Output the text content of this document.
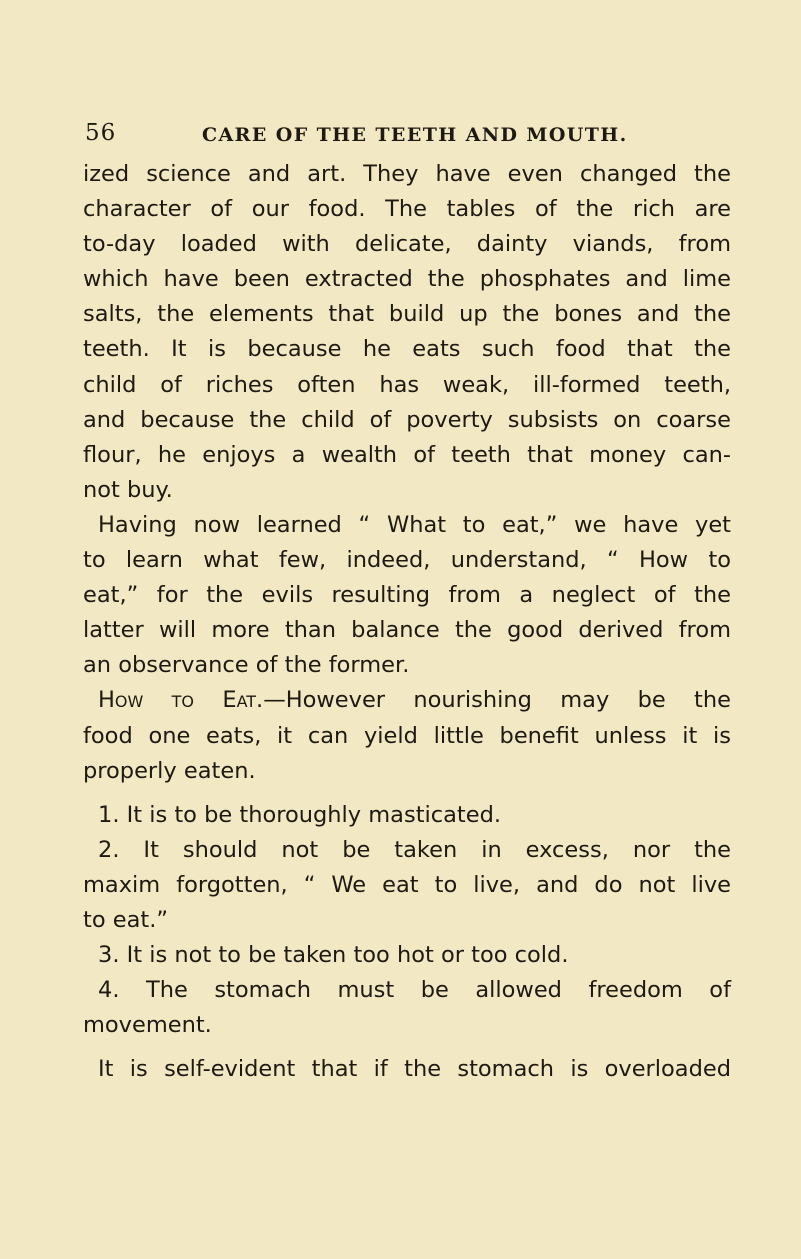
56	CARE OF THE TEETH AND MOUTH.
ized science and art. They have even changed the
character of our food. The tables of the rich are
to-day loaded with delicate, dainty viands, from
which have been extracted the phosphates and lime
salts, the elements that build up the bones and the
teeth. It is because he eats such food that the
child of riches often has weak, ill-formed teeth,
and because the child of poverty subsists on coarse
flour, he enjoys a wealth of teeth that money can-
not buy.
Having now learned “ What to eat,” we have yet
to learn what few, indeed, understand, “ How to
eat,” for the evils resulting from a neglect of the
latter will more than balance the good derived from
an observance of the former.
How to Eat.—However nourishing may be the
food one eats, it can yield little benefit unless it is
properly eaten.
1. It is to be thoroughly masticated.
2. It should not be taken in excess, nor the
maxim forgotten, “ We eat to live, and do not live
to eat.”
3. It is not to be taken too hot or too cold.
4. The stomach must be allowed freedom of
movement.
It is self-evident that if the stomach is overloaded
